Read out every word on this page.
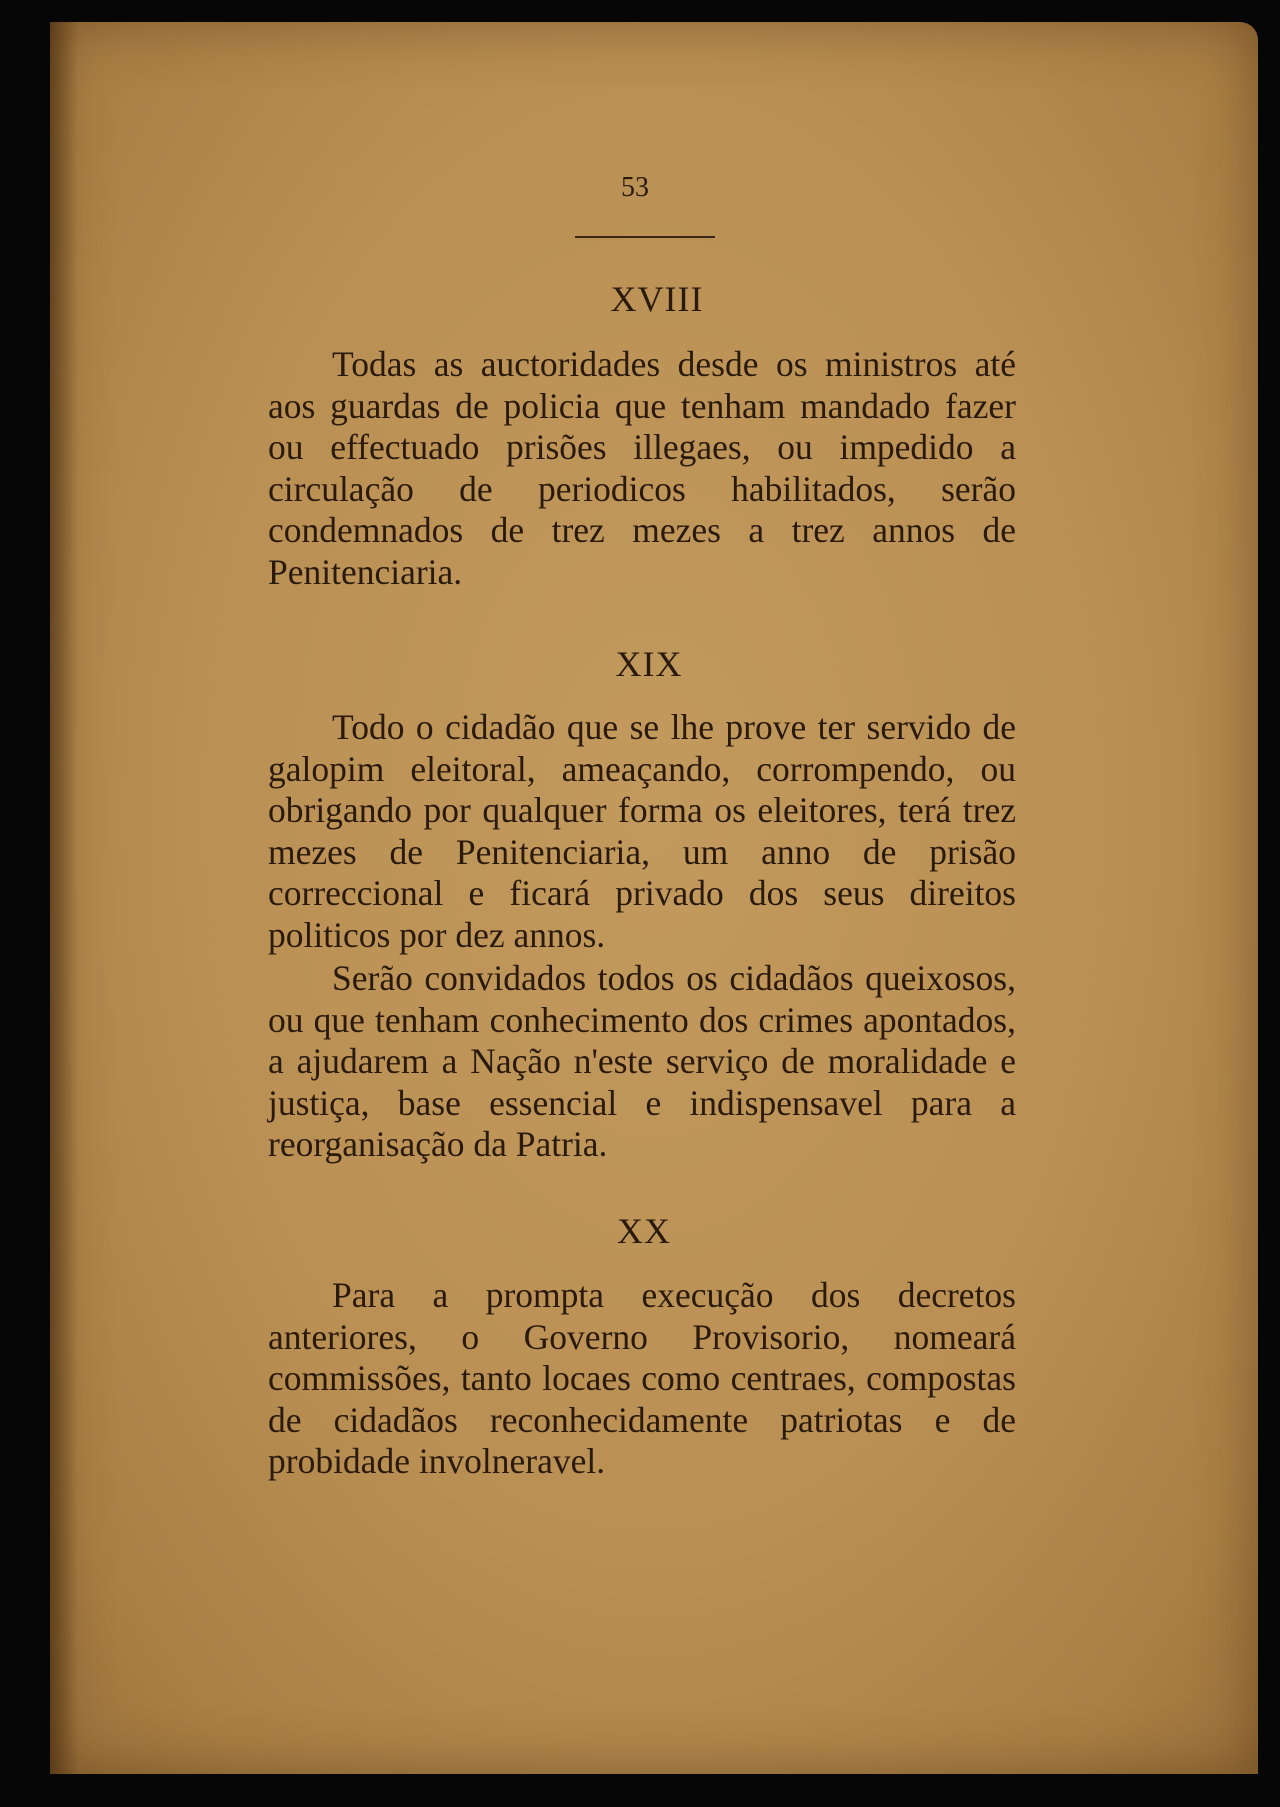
53
XVIII

Todas as auctoridades desde os ministros até aos guardas de policia que tenham mandado fazer ou effectuado prisões illegaes, ou impedido a circulação de periodicos habilitados, serão condemnados de trez mezes a trez annos de Penitenciaria.

XIX

Todo o cidadão que se lhe prove ter servido de galopim eleitoral, ameaçando, corrompendo, ou obrigando por qualquer forma os eleitores, terá trez mezes de Penitenciaria, um anno de prisão correccional e ficará privado dos seus direitos politicos por dez annos.

Serão convidados todos os cidadãos queixosos, ou que tenham conhecimento dos crimes apontados, a ajudarem a Nação n'este serviço de moralidade e justiça, base essencial e indispensavel para a reorganisação da Patria.

XX

Para a prompta execução dos decretos anteriores, o Governo Provisorio, nomeará commissões, tanto locaes como centraes, compostas de cidadãos reconhecidamente patriotas e de probidade involneravel.
